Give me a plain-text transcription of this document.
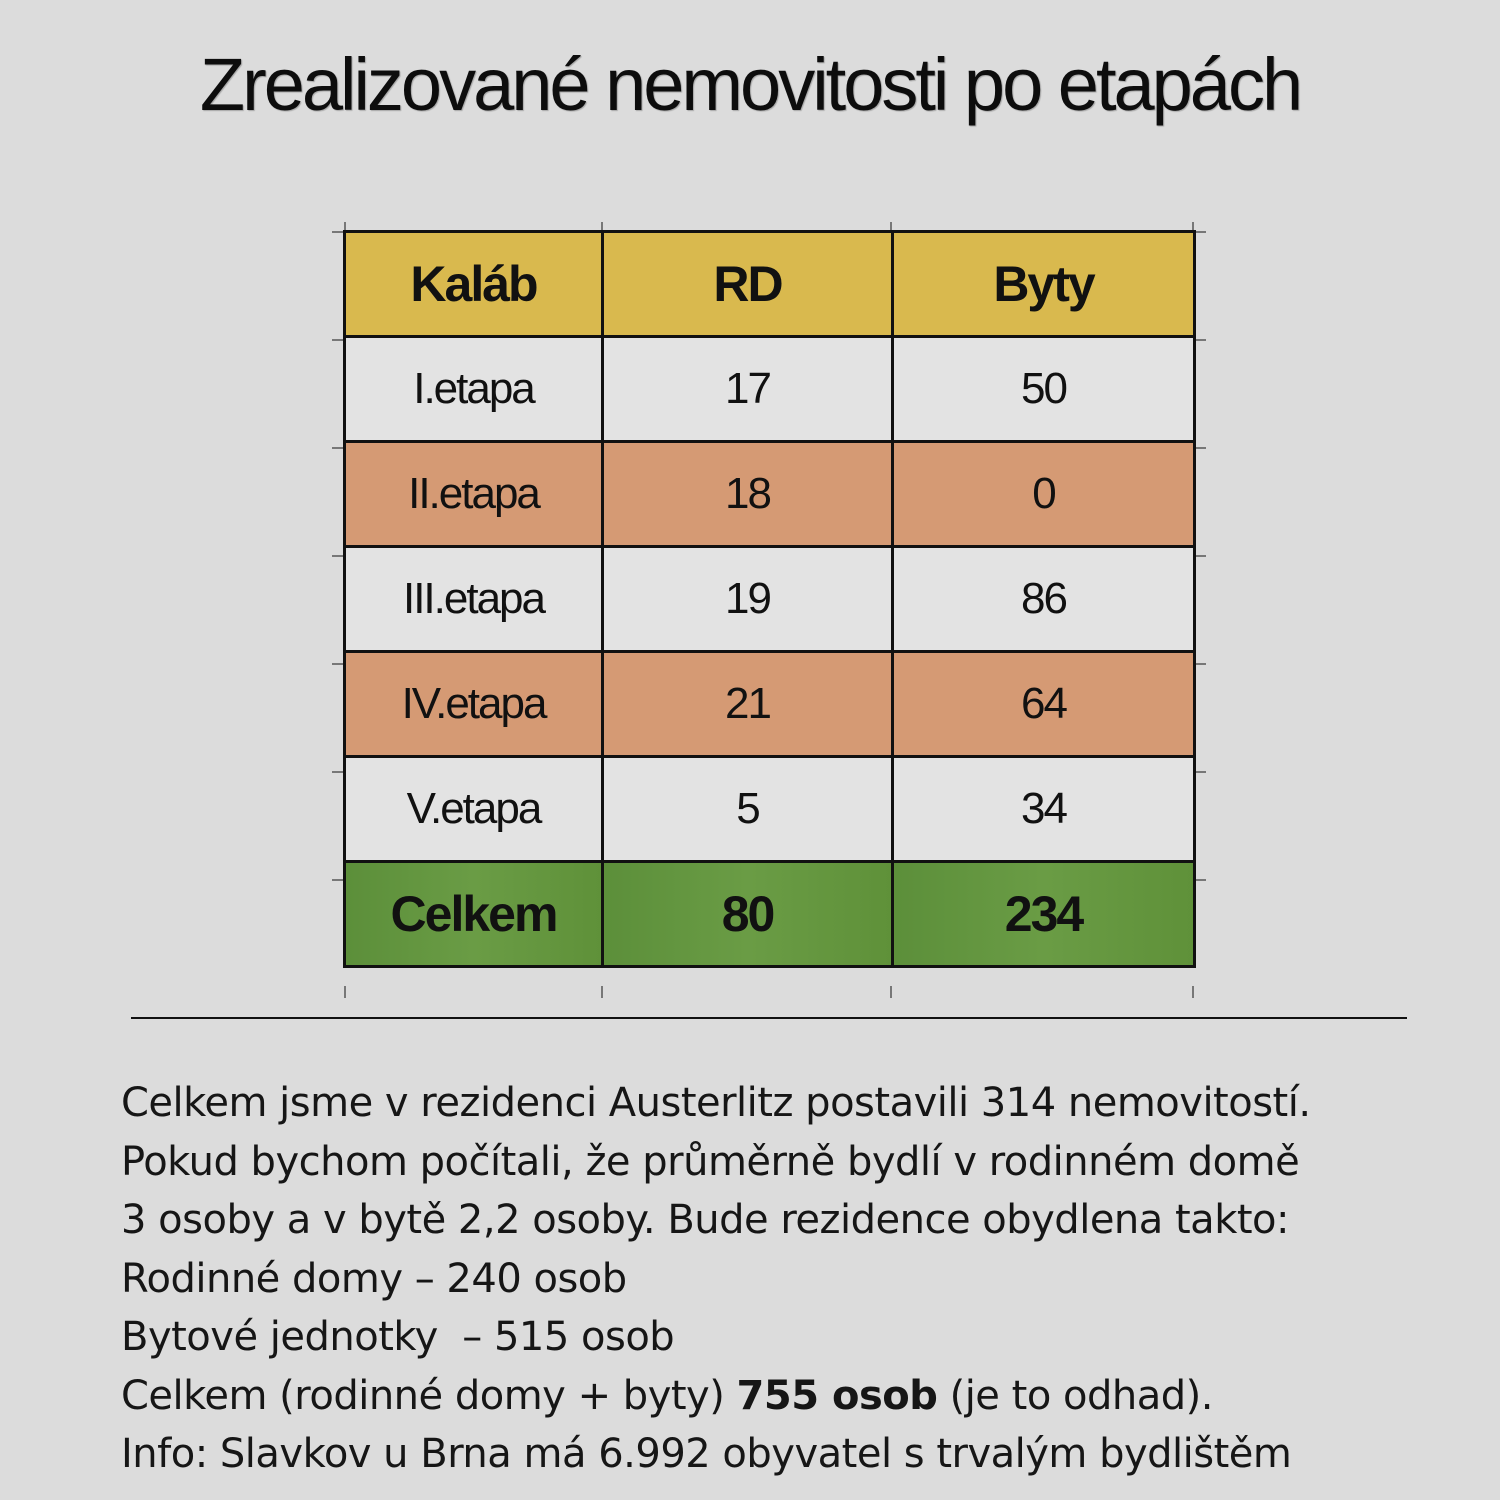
Zrealizované nemovitosti po etapách
Kaláb	RD	Byty
I.etapa	17	50
II.etapa	18	0
III.etapa	19	86
IV.etapa	21	64
V.etapa	5	34
Celkem	80	234
Celkem jsme v rezidenci Austerlitz postavili 314 nemovitostí.
Pokud bychom počítali, že průměrně bydlí v rodinném domě
3 osoby a v bytě 2,2 osoby. Bude rezidence obydlena takto:
Rodinné domy – 240 osob
Bytové jednotky  – 515 osob
Celkem (rodinné domy + byty) 755 osob (je to odhad).
Info: Slavkov u Brna má 6.992 obyvatel s trvalým bydlištěm
